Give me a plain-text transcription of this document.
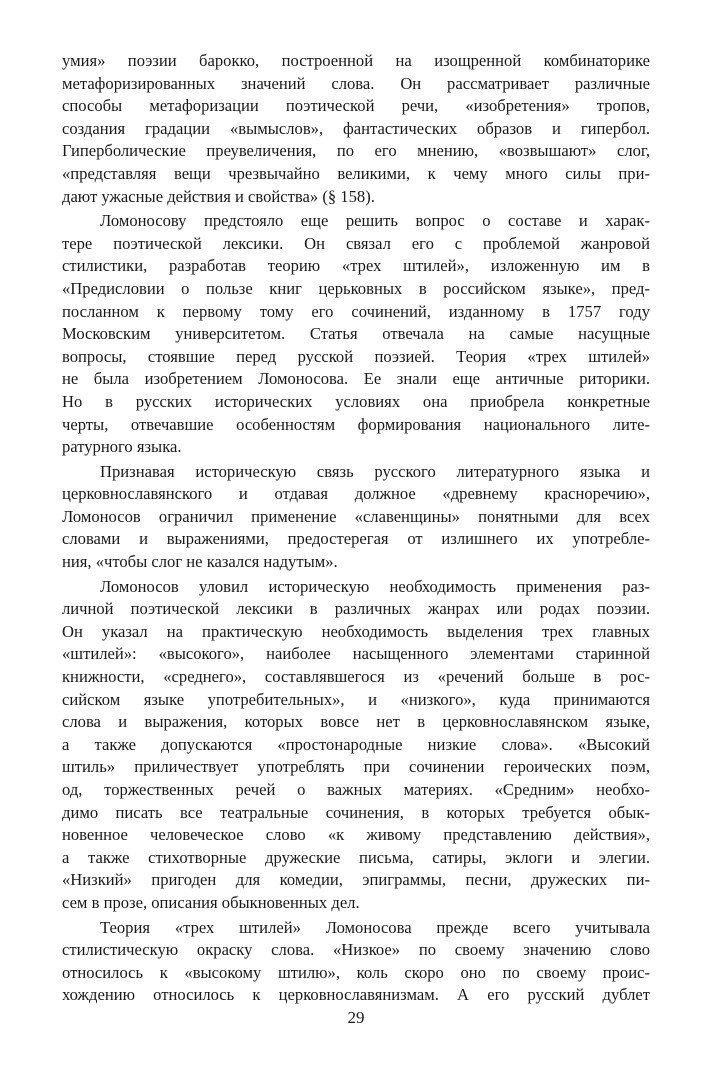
умия» поэзии барокко, построенной на изощренной комбинаторике
метафоризированных значений слова. Он рассматривает различные
способы метафоризации поэтической речи, «изобретения» тропов,
создания градации «вымыслов», фантастических образов и гипербол.
Гиперболические преувеличения, по его мнению, «возвышают» слог,
«представляя вещи чрезвычайно великими, к чему много силы при-
дают ужасные действия и свойства» (§ 158).

Ломоносову предстояло еще решить вопрос о составе и харак-
тере поэтической лексики. Он связал его с проблемой жанровой
стилистики, разработав теорию «трех штилей», изложенную им в
«Предисловии о пользе книг церьковных в российском языке», пред-
посланном к первому тому его сочинений, изданному в 1757 году
Московским университетом. Статья отвечала на самые насущные
вопросы, стоявшие перед русской поэзией. Теория «трех штилей»
не была изобретением Ломоносова. Ее знали еще античные риторики.
Но в русских исторических условиях она приобрела конкретные
черты, отвечавшие особенностям формирования национального лите-
ратурного языка.

Признавая историческую связь русского литературного языка и
церковнославянского и отдавая должное «древнему красноречию»,
Ломоносов ограничил применение «славенщины» понятными для всех
словами и выражениями, предостерегая от излишнего их употребле-
ния, «чтобы слог не казался надутым».

Ломоносов уловил историческую необходимость применения раз-
личной поэтической лексики в различных жанрах или родах поэзии.
Он указал на практическую необходимость выделения трех главных
«штилей»: «высокого», наиболее насыщенного элементами старинной
книжности, «среднего», составлявшегося из «речений больше в рос-
сийском языке употребительных», и «низкого», куда принимаются
слова и выражения, которых вовсе нет в церковнославянском языке,
а также допускаются «простонародные низкие слова». «Высокий
штиль» приличествует употреблять при сочинении героических поэм,
од, торжественных речей о важных материях. «Средним» необхо-
димо писать все театральные сочинения, в которых требуется обык-
новенное человеческое слово «к живому представлению действия»,
а также стихотворные дружеские письма, сатиры, эклоги и элегии.
«Низкий» пригоден для комедии, эпиграммы, песни, дружеских пи-
сем в прозе, описания обыкновенных дел.

Теория «трех штилей» Ломоносова прежде всего учитывала
стилистическую окраску слова. «Низкое» по своему значению слово
относилось к «высокому штилю», коль скоро оно по своему проис-
хождению относилось к церковнославянизмам. А его русский дублет

29
